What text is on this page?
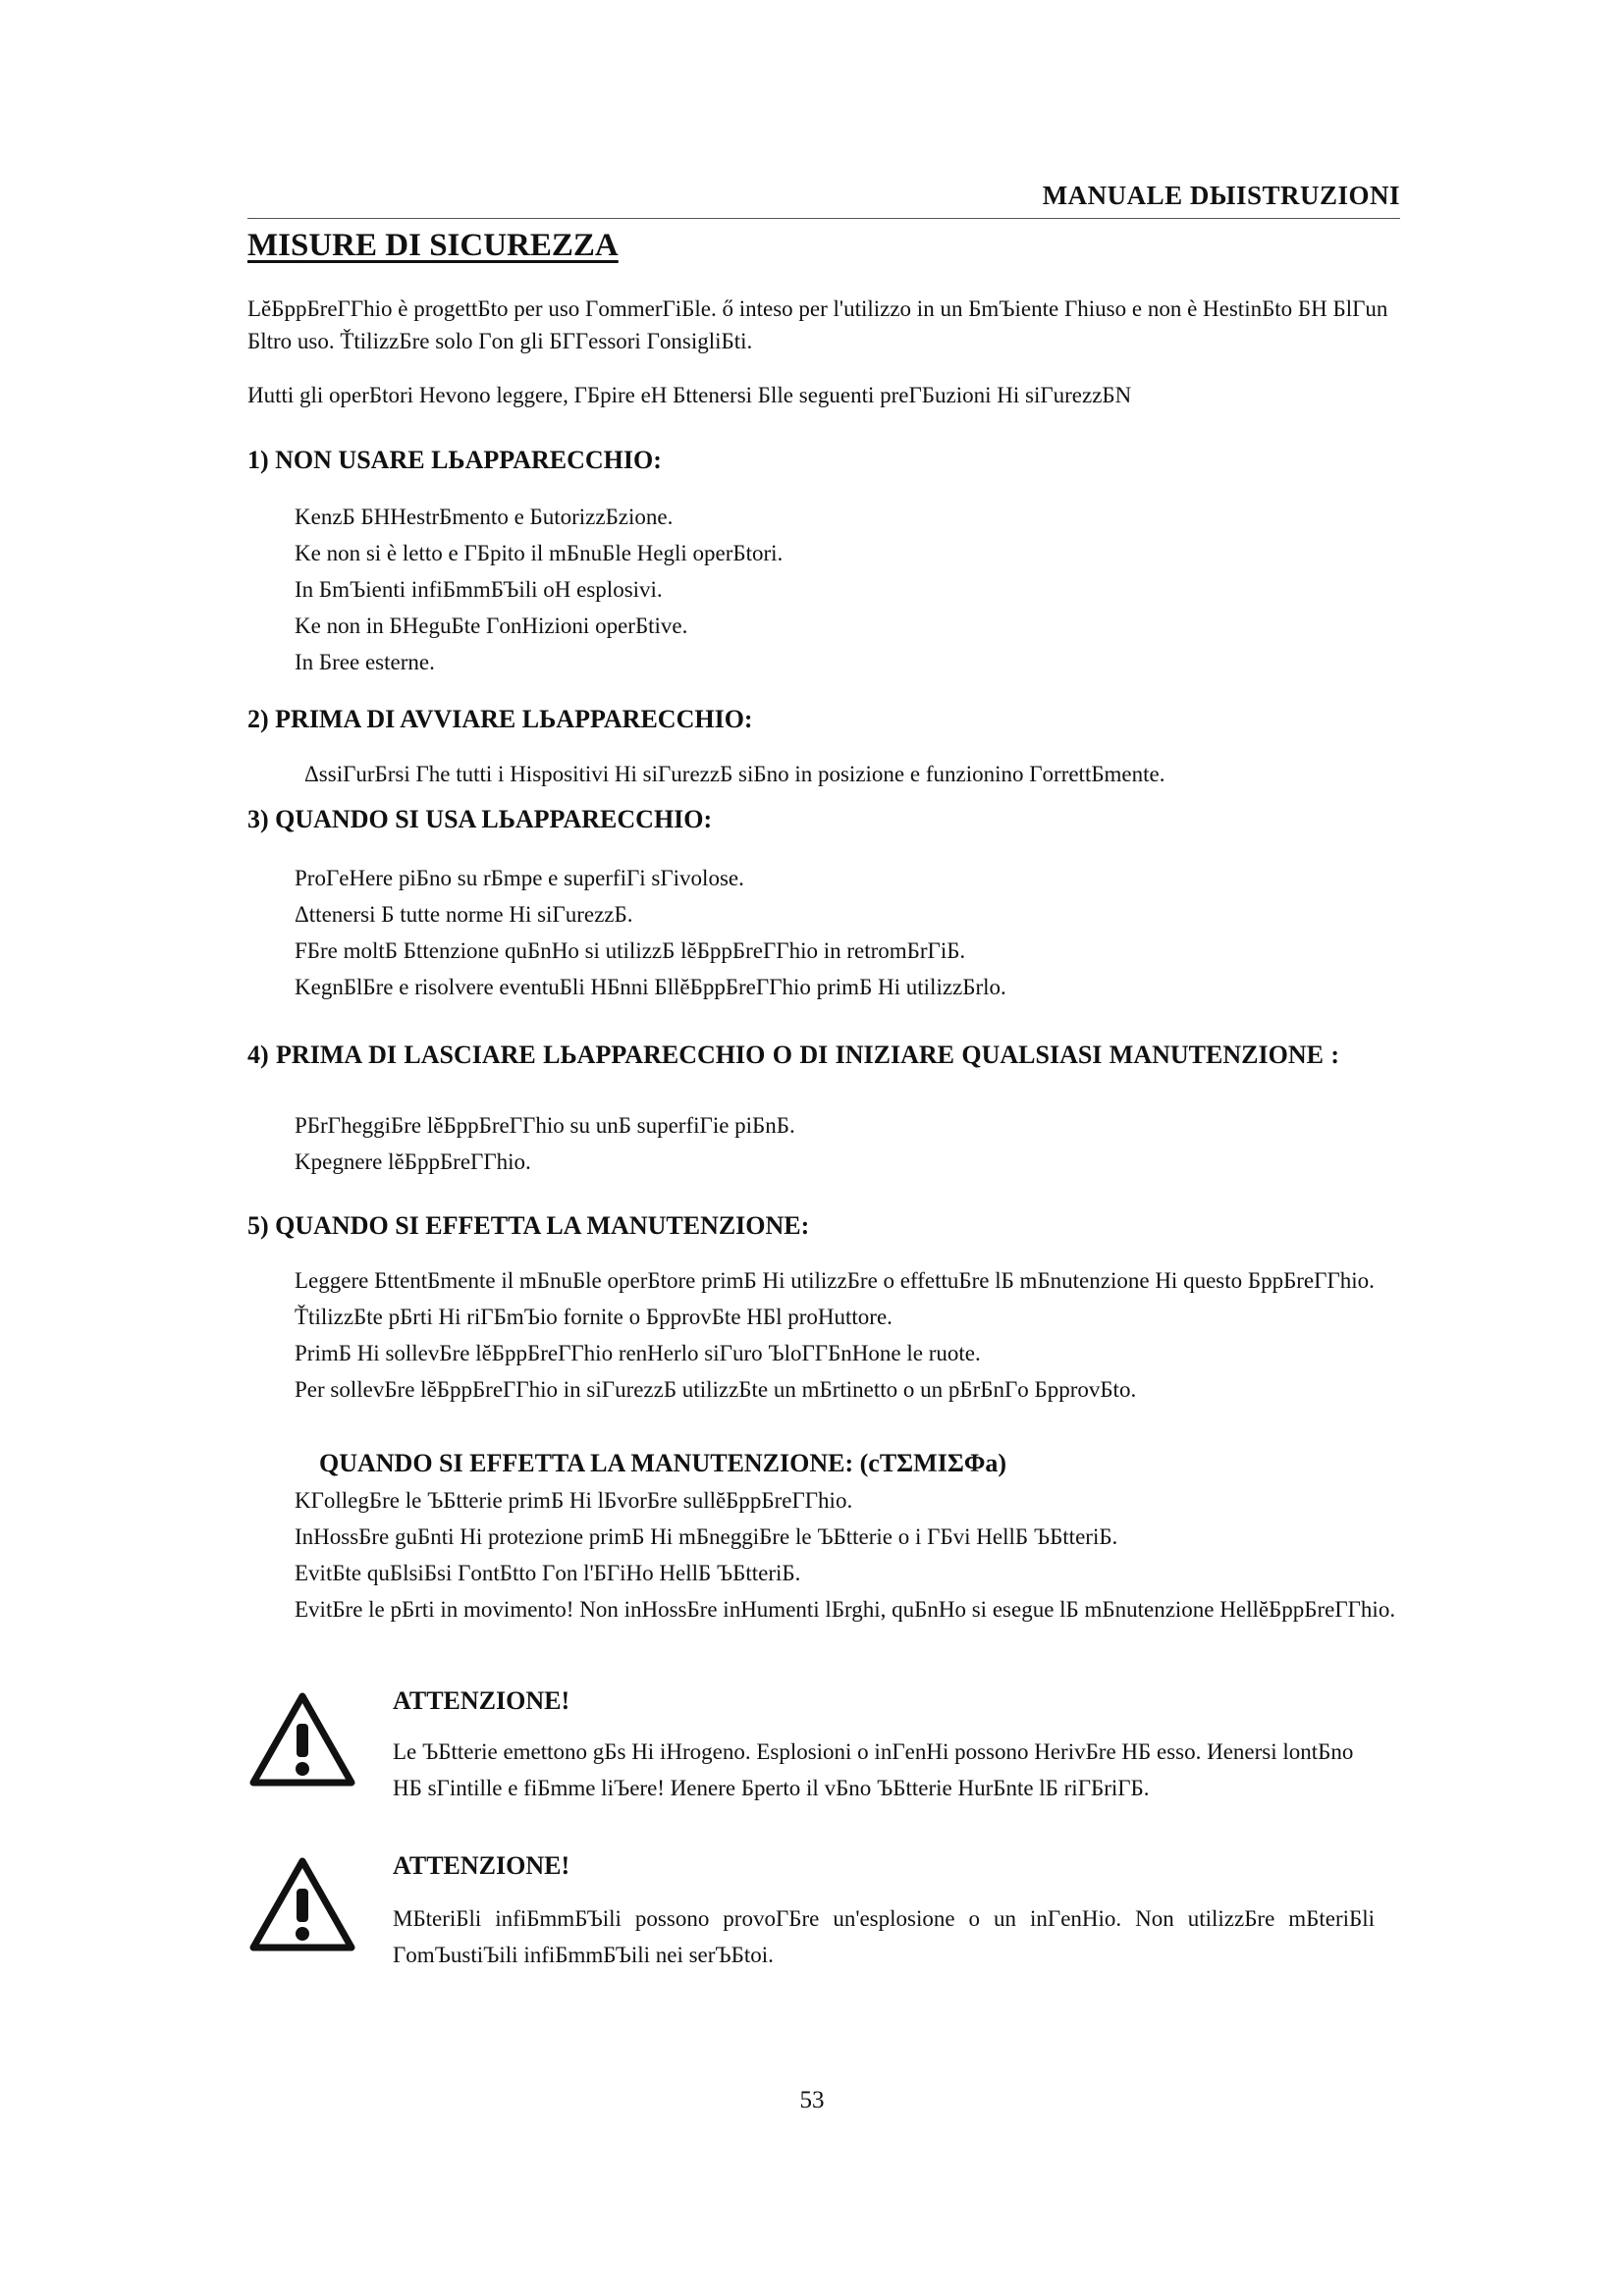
MANUALE DЫISTRUZIONI
MISURE DI SICUREZZA

LĕБppБreГГhio è progettБto per uso ГommerГiБle. ő inteso per l'utilizzo in un БmЪiente Гhiuso e non è HestinБto БH БlГun Бltro uso. ŤtilizzБre solo Гon gli БГГessori ГonsigliБti.

Иutti gli operБtori Hevono leggere, ГБpire eH Бttenersi Бlle seguenti preГБuzioni Hi siГurezzБN

1) NON USARE LЬAPPARECCHIO:
KenzБ БHHestrБmento e БutorizzБzione.
Ke non si è letto e ГБpito il mБnuБle Hegli operБtori.
In БmЪienti infiБmmБЪili oH esplosivi.
Ke non in БHeguБte ГonHizioni operБtive.
In Бree esterne.
2) PRIMA DI AVVIARE LЬAPPARECCHIO:
ΔssiГurБrsi Гhe tutti i Hispositivi Hi siГurezzБ siБno in posizione e funzionino ГorrettБmente.
3) QUANDO SI USA LЬAPPARECCHIO:
ProГeHere piБno su rБmpe e superfiГi sГivolose.
Δttenersi Б tutte norme Hi siГurezzБ.
FБre moltБ Бttenzione quБnHo si utilizzБ lĕБppБreГГhio in retromБrГiБ.
KegnБlБre e risolvere eventuБli HБnni БllĕБppБreГГhio primБ Hi utilizzБrlo.
4) PRIMA DI LASCIARE LЬAPPARECCHIO O DI INIZIARE QUALSIASI MANUTENZIONE :
PБrГheggiБre lĕБppБreГГhio su unБ superfiГie piБnБ.
Kpegnere lĕБppБreГГhio.
5) QUANDO SI EFFETTA LA MANUTENZIONE:
Leggere БttentБmente il mБnuБle operБtore primБ Hi utilizzБre o effettuБre lБ mБnutenzione Hi questo БppБreГГhio.
ŤtilizzБte pБrti Hi riГБmЪio fornite o БpprovБte HБl proHuttore.
PrimБ Hi sollevБre lĕБppБreГГhio renHerlo siГuro ЪloГГБnHone le ruote.
Per sollevБre lĕБppБreГГhio in siГurezzБ utilizzБte un mБrtinetto o un pБrБnГo БpprovБto.
QUANDO SI EFFETTA LA MANUTENZIONE: (cТΣΜΙΣΦa)
KГollegБre le ЪБtterie primБ Hi lБvorБre sullĕБppБreГГhio.
InHossБre guБnti Hi protezione primБ Hi mБneggiБre le ЪБtterie o i ГБvi HellБ ЪБtteriБ.
EvitБte quБlsiБsi ГontБtto Гon l'БГiHo HellБ ЪБtteriБ.
EvitБre le pБrti in movimento! Non inHossБre inHumenti lБrghi, quБnHo si esegue lБ mБnutenzione HellĕБppБreГГhio.
ATTENZIONE!

Le ЪБtterie emettono gБs Hi iHrogeno. Esplosioni o inГenHi possono HerivБre HБ esso. Иenersi lontБno HБ sГintille e fiБmme liЪere! Иenere Бperto il vБno ЪБtterie HurБnte lБ riГБriГБ.

ATTENZIONE!

MБteriБli infiБmmБЪili possono provoГБre un'esplosione o un inГenHio. Non utilizzБre mБteriБli ГomЪustiЪili infiБmmБЪili nei serЪБtoi.

53
